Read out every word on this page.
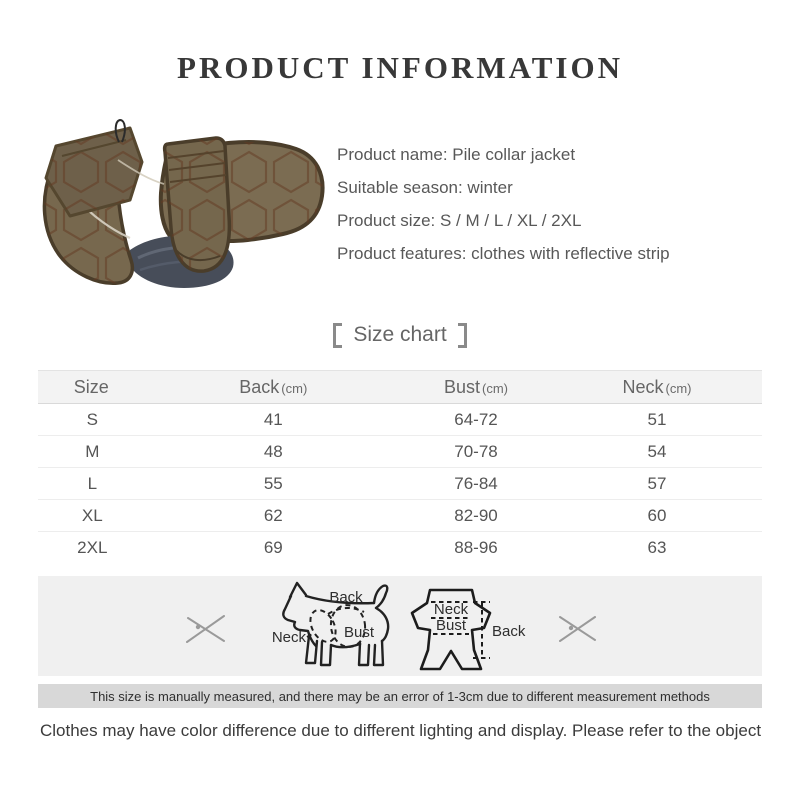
PRODUCT INFORMATION

Product name: Pile collar jacket

Suitable season: winter

Product size: S / M / L / XL / 2XL

Product features: clothes with reflective strip

Size chart
Size	Back (cm)	Bust (cm)	Neck (cm)
S	41	64-72	51
M	48	70-78	54
L	55	76-84	57
XL	62	82-90	60
2XL	69	88-96	63
Back
Neck	Bust
Neck
Bust Back
This size is manually measured, and there may be an error of 1-3cm due to different measurement methods

Clothes may have color difference due to different lighting and display. Please refer to the object
